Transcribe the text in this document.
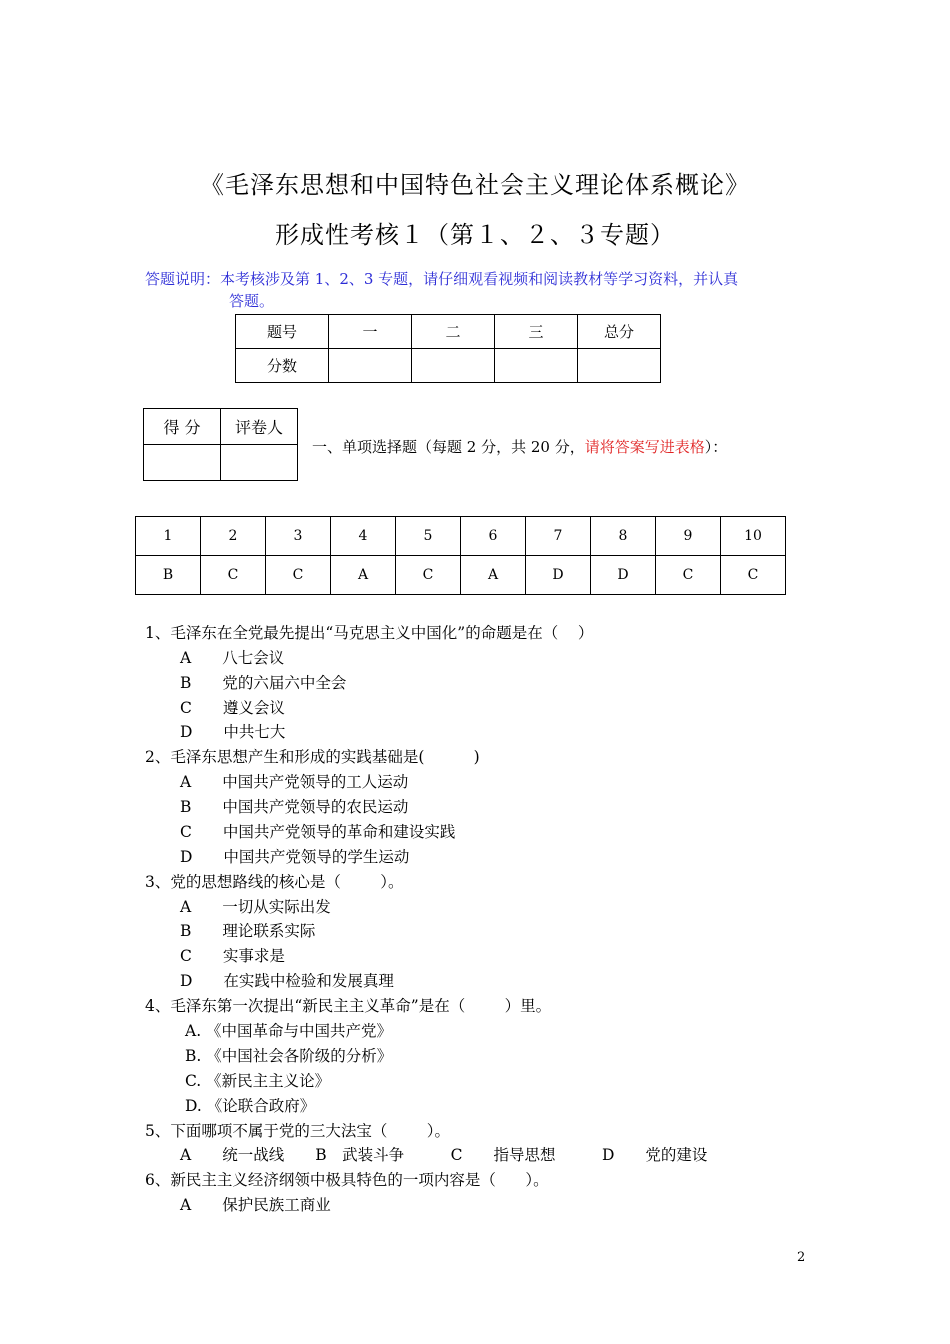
《毛泽东思想和中国特色社会主义理论体系概论》
形成性考核１（第１、２、３专题）
答题说明：本考核涉及第 1、2、3 专题，请仔细观看视频和阅读教材等学习资料，并认真
答题。
题号	一	二	三	总分
分数				
得 分	评卷人

一、单项选择题（每题 2 分，共 20 分，请将答案写进表格）：
1	2	3	4	5	6	7	8	9	10
B	C	C	A	C	A	D	D	C	C
1、毛泽东在全党最先提出“马克思主义中国化”的命题是在（    ）
A　　八七会议
B　　党的六届六中全会
C　　遵义会议
D　　中共七大
2、毛泽东思想产生和形成的实践基础是(          )
A　　中国共产党领导的工人运动
B　　中国共产党领导的农民运动
C　　中国共产党领导的革命和建设实践
D　　中国共产党领导的学生运动
3、党的思想路线的核心是（        ）。
A　　一切从实际出发
B　　理论联系实际
C　　实事求是
D　　在实践中检验和发展真理
4、毛泽东第一次提出“新民主主义革命”是在（        ）里。
A. 《中国革命与中国共产党》
B. 《中国社会各阶级的分析》
C. 《新民主主义论》
D. 《论联合政府》
5、下面哪项不属于党的三大法宝（        ）。
A　　统一战线　　B　武装斗争　　　C　　指导思想　　　D　　党的建设
6、新民主主义经济纲领中极具特色的一项内容是（      ）。
A　　保护民族工商业
2
